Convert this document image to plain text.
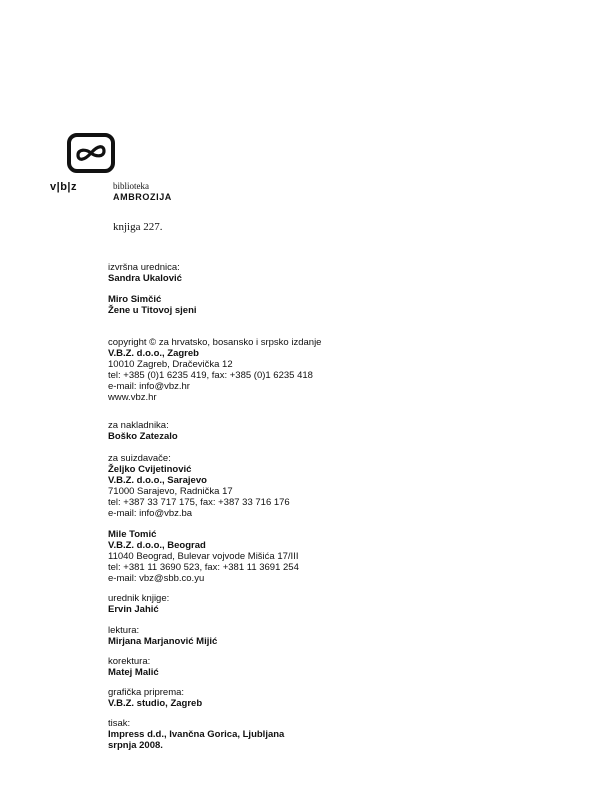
v|b|z	biblioteka
AMBROZIJA
knjiga 227.
izvršna urednica:
Sandra Ukalović
Miro Simčić
Žene u Titovoj sjeni
copyright © za hrvatsko, bosansko i srpsko izdanje
V.B.Z. d.o.o., Zagreb
10010 Zagreb, Dračevička 12
tel: +385 (0)1 6235 419, fax: +385 (0)1 6235 418
e-mail: info@vbz.hr
www.vbz.hr
za nakladnika:
Boško Zatezalo
za suizdavače:
Željko Cvijetinović
V.B.Z. d.o.o., Sarajevo
71000 Sarajevo, Radnička 17
tel: +387 33 717 175, fax: +387 33 716 176
e-mail: info@vbz.ba
Mile Tomić
V.B.Z. d.o.o., Beograd
11040 Beograd, Bulevar vojvode Mišića 17/III
tel: +381 11 3690 523, fax: +381 11 3691 254
e-mail: vbz@sbb.co.yu
urednik knjige:
Ervin Jahić
lektura:
Mirjana Marjanović Mijić
korektura:
Matej Malić
grafička priprema:
V.B.Z. studio, Zagreb
tisak:
Impress d.d., Ivančna Gorica, Ljubljana
srpnja 2008.
